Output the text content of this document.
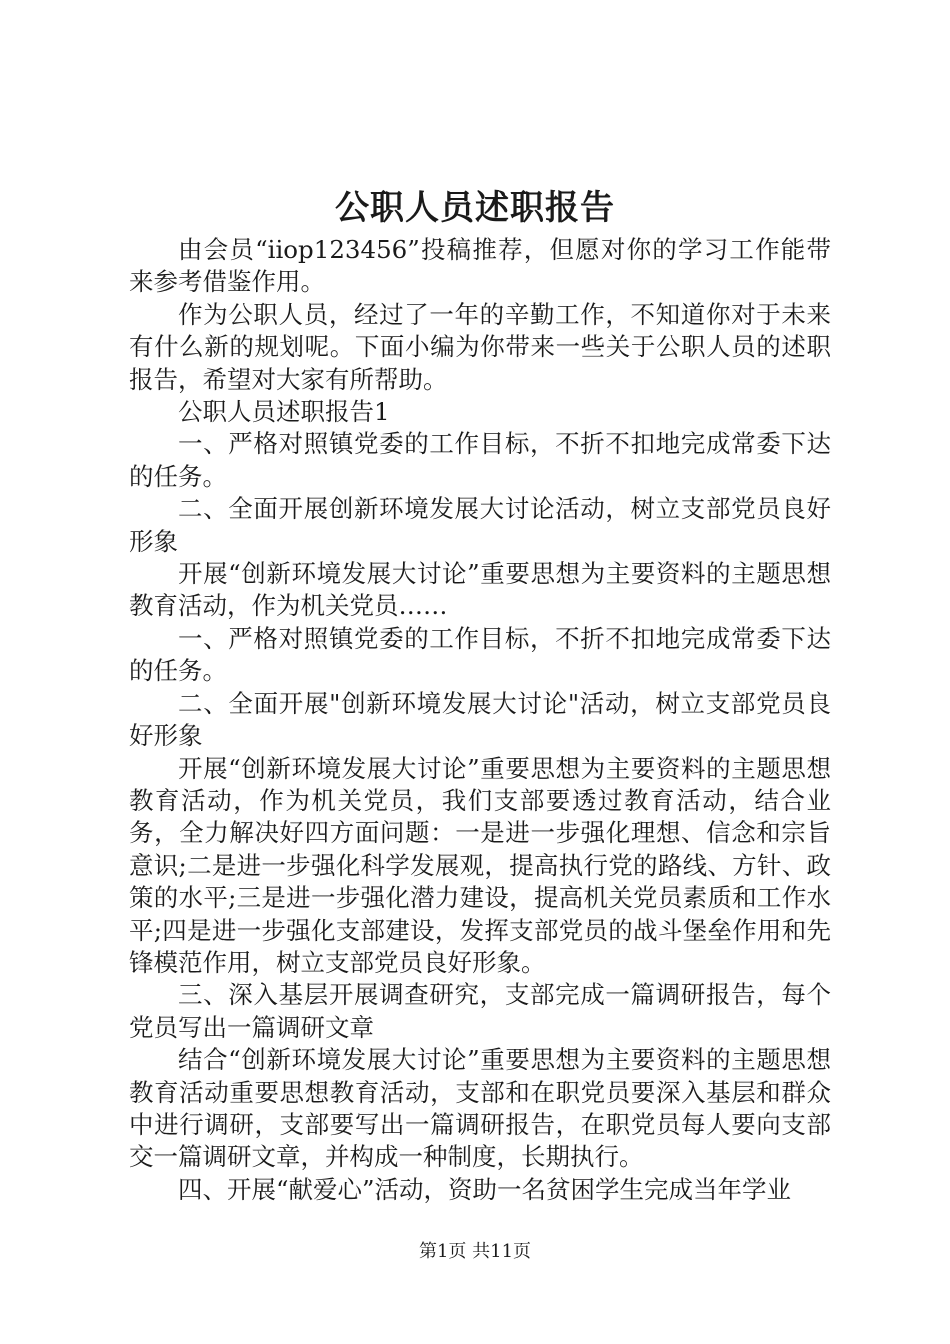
公职人员述职报告

由会员“iiop123456”投稿推荐，但愿对你的学习工作能带来参考借鉴作用。

作为公职人员，经过了一年的辛勤工作，不知道你对于未来有什么新的规划呢。下面小编为你带来一些关于公职人员的述职报告，希望对大家有所帮助。

公职人员述职报告1

一、严格对照镇党委的工作目标，不折不扣地完成常委下达的任务。

二、全面开展创新环境发展大讨论活动，树立支部党员良好形象

开展“创新环境发展大讨论”重要思想为主要资料的主题思想教育活动，作为机关党员……

一、严格对照镇党委的工作目标，不折不扣地完成常委下达的任务。

二、全面开展"创新环境发展大讨论"活动，树立支部党员良好形象

开展“创新环境发展大讨论”重要思想为主要资料的主题思想教育活动，作为机关党员，我们支部要透过教育活动，结合业务，全力解决好四方面问题：一是进一步强化理想、信念和宗旨意识;二是进一步强化科学发展观，提高执行党的路线、方针、政策的水平;三是进一步强化潜力建设，提高机关党员素质和工作水平;四是进一步强化支部建设，发挥支部党员的战斗堡垒作用和先锋模范作用，树立支部党员良好形象。

三、深入基层开展调查研究，支部完成一篇调研报告，每个党员写出一篇调研文章

结合“创新环境发展大讨论”重要思想为主要资料的主题思想教育活动重要思想教育活动，支部和在职党员要深入基层和群众中进行调研，支部要写出一篇调研报告，在职党员每人要向支部交一篇调研文章，并构成一种制度，长期执行。

四、开展“献爱心”活动，资助一名贫困学生完成当年学业

第1页 共11页
